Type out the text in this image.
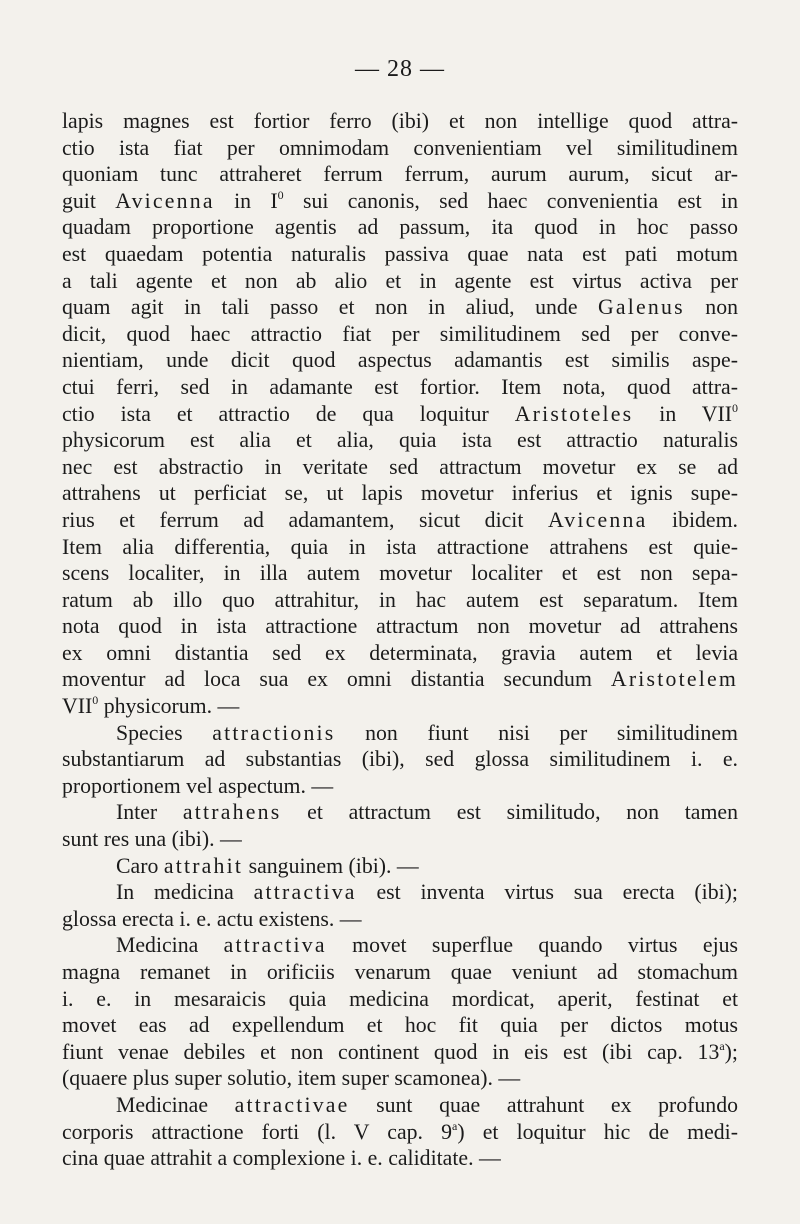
— 28 —
lapis magnes est fortior ferro (ibi) et non intellige quod attra-
ctio ista fiat per omnimodam convenientiam vel similitudinem
quoniam tunc attraheret ferrum ferrum, aurum aurum, sicut ar-
guit Avicenna in $I^0$ sui canonis, sed haec convenientia est in
quadam proportione agentis ad passum, ita quod in hoc passo
est quaedam potentia naturalis passiva quae nata est pati motum
a tali agente et non ab alio et in agente est virtus activa per
quam agit in tali passo et non in aliud, unde Galenus non
dicit, quod haec attractio fiat per similitudinem sed per conve-
nientiam, unde dicit quod aspectus adamantis est similis aspe-
ctui ferri, sed in adamante est fortior. Item nota, quod attra-
ctio ista et attractio de qua loquitur Aristoteles in VII$^0$
physicorum est alia et alia, quia ista est attractio naturalis
nec est abstractio in veritate sed attractum movetur ex se ad
attrahens ut perficiat se, ut lapis movetur inferius et ignis supe-
rius et ferrum ad adamantem, sicut dicit Avicenna ibidem.
Item alia differentia, quia in ista attractione attrahens est quie-
scens localiter, in illa autem movetur localiter et est non sepa-
ratum ab illo quo attrahitur, in hac autem est separatum. Item
nota quod in ista attractione attractum non movetur ad attrahens
ex omni distantia sed ex determinata, gravia autem et levia
moventur ad loca sua ex omni distantia secundum Aristotelem
VII$^0$ physicorum. —
Species attractionis non fiunt nisi per similitudinem
substantiarum ad substantias (ibi), sed glossa similitudinem i. e.
proportionem vel aspectum. —
Inter attrahens et attractum est similitudo, non tamen
sunt res una (ibi). —
Caro attrahit sanguinem (ibi). —
In medicina attractiva est inventa virtus sua erecta (ibi);
glossa erecta i. e. actu existens. —
Medicina attractiva movet superflue quando virtus ejus
magna remanet in orificiis venarum quae veniunt ad stomachum
i. e. in mesaraicis quia medicina mordicat, aperit, festinat et
movet eas ad expellendum et hoc fit quia per dictos motus
fiunt venae debiles et non continent quod in eis est (ibi cap. 13$^a$);
(quaere plus super solutio, item super scamonea). —
Medicinae attractivae sunt quae attrahunt ex profundo
corporis attractione forti (l. V cap. 9$^a$) et loquitur hic de medi-
cina quae attrahit a complexione i. e. caliditate. —
